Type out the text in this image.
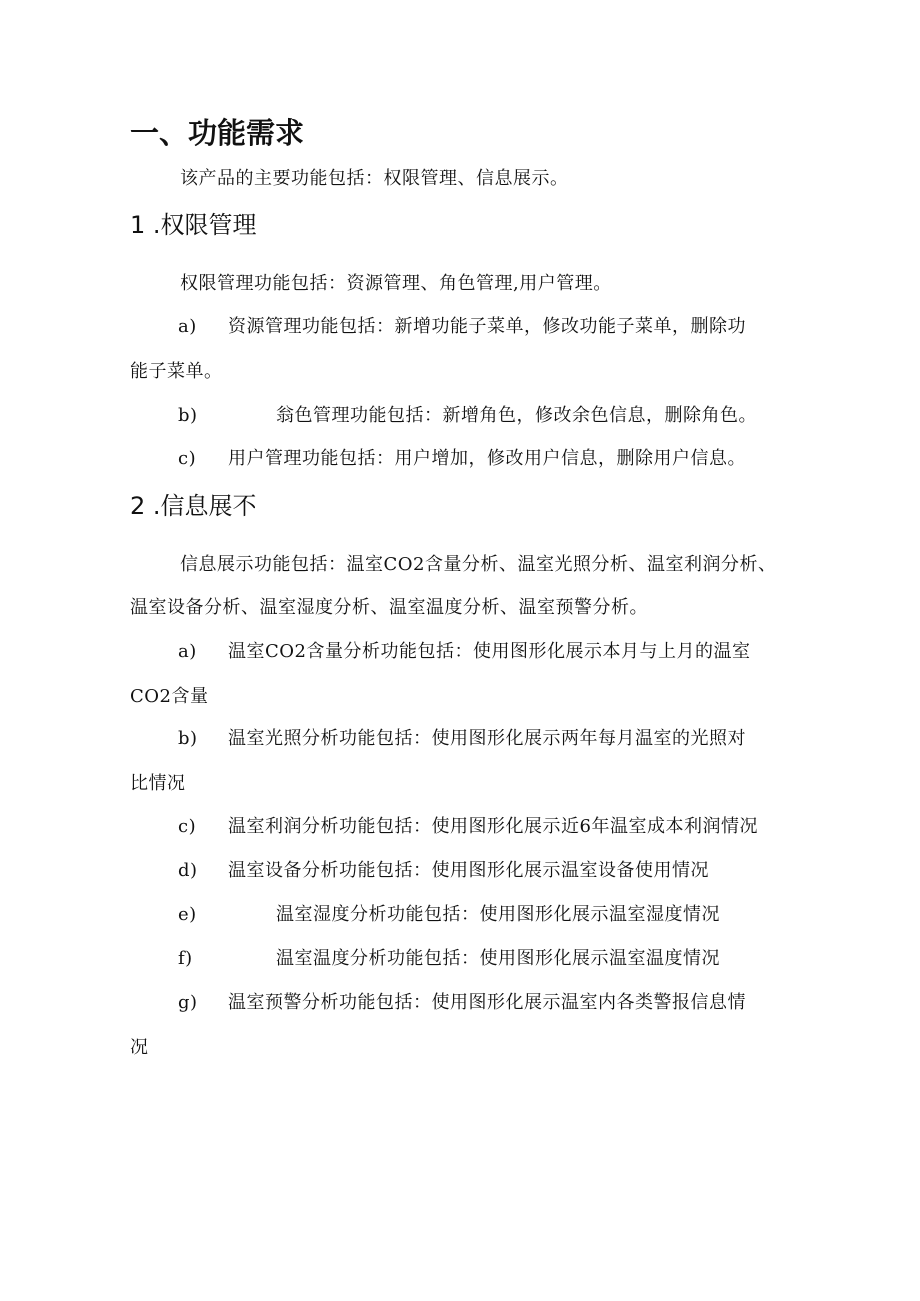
一、功能需求
该产品的主要功能包括：权限管理、信息展示。
1 .权限管理
权限管理功能包括：资源管理、角色管理,用户管理。
a) 资源管理功能包括：新增功能子菜单，修改功能子菜单，删除功
能子菜单。
b)	翁色管理功能包括：新增角色，修改余色信息，删除角色。
c) 用户管理功能包括：用户增加，修改用户信息，删除用户信息。
2 .信息展不
信息展示功能包括：温室CO2含量分析、温室光照分析、温室利润分析、
温室设备分析、温室湿度分析、温室温度分析、温室预警分析。
a) 温室CO2含量分析功能包括：使用图形化展示本月与上月的温室
CO2含量
b) 温室光照分析功能包括：使用图形化展示两年每月温室的光照对
比情况
c) 温室利润分析功能包括：使用图形化展示近6年温室成本利润情况
d) 温室设备分析功能包括：使用图形化展示温室设备使用情况
e)	温室湿度分析功能包括：使用图形化展示温室湿度情况
f)	温室温度分析功能包括：使用图形化展示温室温度情况
g) 温室预警分析功能包括：使用图形化展示温室内各类警报信息情
况
